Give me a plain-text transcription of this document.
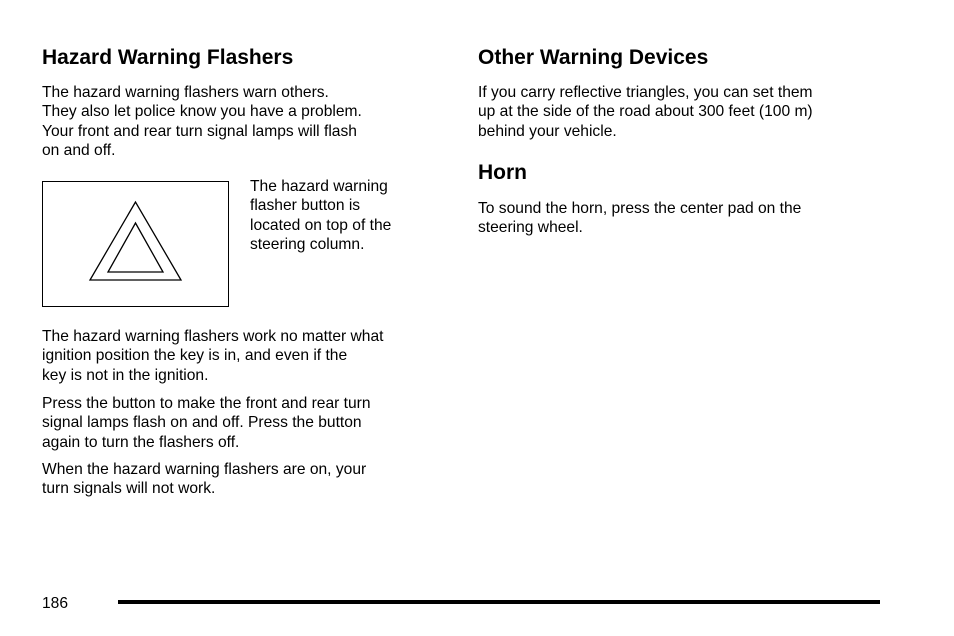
Hazard Warning Flashers

The hazard warning flashers warn others.
They also let police know you have a problem.
Your front and rear turn signal lamps will flash
on and off.

The hazard warning
flasher button is
located on top of the
steering column.

The hazard warning flashers work no matter what
ignition position the key is in, and even if the
key is not in the ignition.

Press the button to make the front and rear turn
signal lamps flash on and off. Press the button
again to turn the flashers off.

When the hazard warning flashers are on, your
turn signals will not work.

Other Warning Devices

If you carry reflective triangles, you can set them
up at the side of the road about 300 feet (100 m)
behind your vehicle.

Horn

To sound the horn, press the center pad on the
steering wheel.

186
